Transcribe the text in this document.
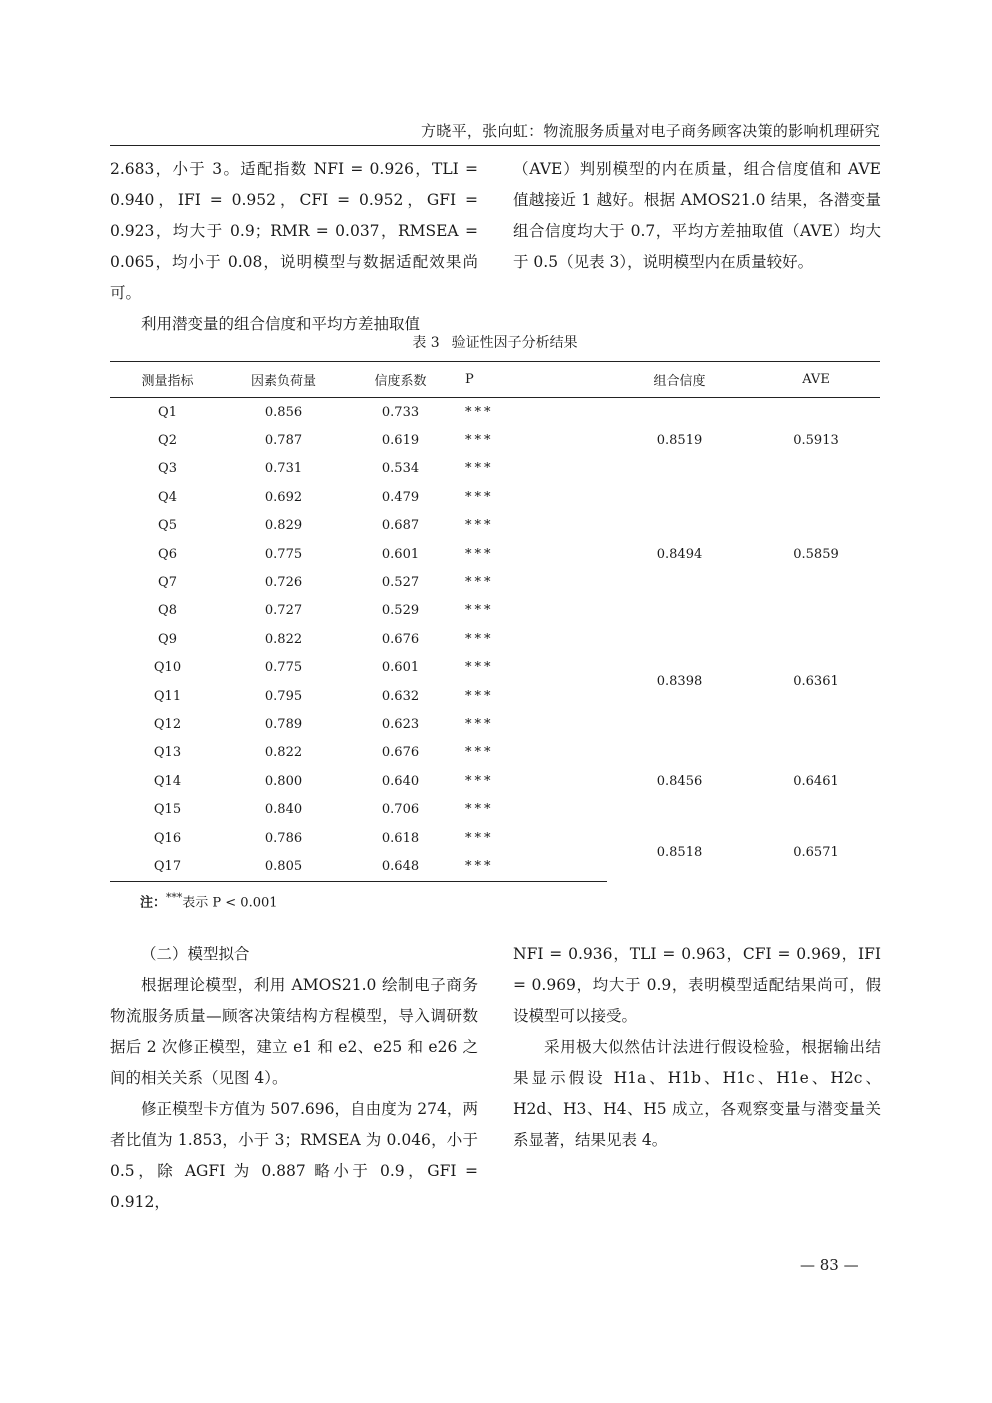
方晓平，张向虹：物流服务质量对电子商务顾客决策的影响机理研究

2.683，小于 3。适配指数 NFI = 0.926，TLI = 0.940，IFI = 0.952，CFI = 0.952，GFI = 0.923，均大于 0.9；RMR = 0.037，RMSEA = 0.065，均小于 0.08，说明模型与数据适配效果尚可。

利用潜变量的组合信度和平均方差抽取值

（AVE）判别模型的内在质量，组合信度值和 AVE 值越接近 1 越好。根据 AMOS21.0 结果，各潜变量组合信度均大于 0.7，平均方差抽取值（AVE）均大于 0.5（见表 3），说明模型内在质量较好。

表 3 验证性因子分析结果
测量指标	因素负荷量	信度系数	P	组合信度	AVE
Q1	0.856	0.733	***	0.8519	0.5913
Q2	0.787	0.619	***		
Q3	0.731	0.534	***		
Q4	0.692	0.479	***	0.8494	0.5859
Q5	0.829	0.687	***		
Q6	0.775	0.601	***		
Q7	0.726	0.527	***		
Q8	0.727	0.529	***		
Q9	0.822	0.676	***	0.8398	0.6361
Q10	0.775	0.601	***		
Q11	0.795	0.632	***		
Q12	0.789	0.623	***		
Q13	0.822	0.676	***	0.8456	0.6461
Q14	0.800	0.640	***		
Q15	0.840	0.706	***		
Q16	0.786	0.618	***	0.8518	0.6571
Q17	0.805	0.648	***		
注：***表示 P < 0.001

（二）模型拟合

根据理论模型，利用 AMOS21.0 绘制电子商务物流服务质量—顾客决策结构方程模型，导入调研数据后 2 次修正模型，建立 e1 和 e2、e25 和 e26 之间的相关关系（见图 4）。

修正模型卡方值为 507.696，自由度为 274，两者比值为 1.853，小于 3；RMSEA 为 0.046，小于 0.5，除 AGFI 为 0.887 略小于 0.9，GFI = 0.912，

NFI = 0.936，TLI = 0.963，CFI = 0.969，IFI = 0.969，均大于 0.9，表明模型适配结果尚可，假设模型可以接受。

采用极大似然估计法进行假设检验，根据输出结果显示假设 H1a、H1b、H1c、H1e、H2c、H2d、H3、H4、H5 成立，各观察变量与潜变量关系显著，结果见表 4。

— 83 —
